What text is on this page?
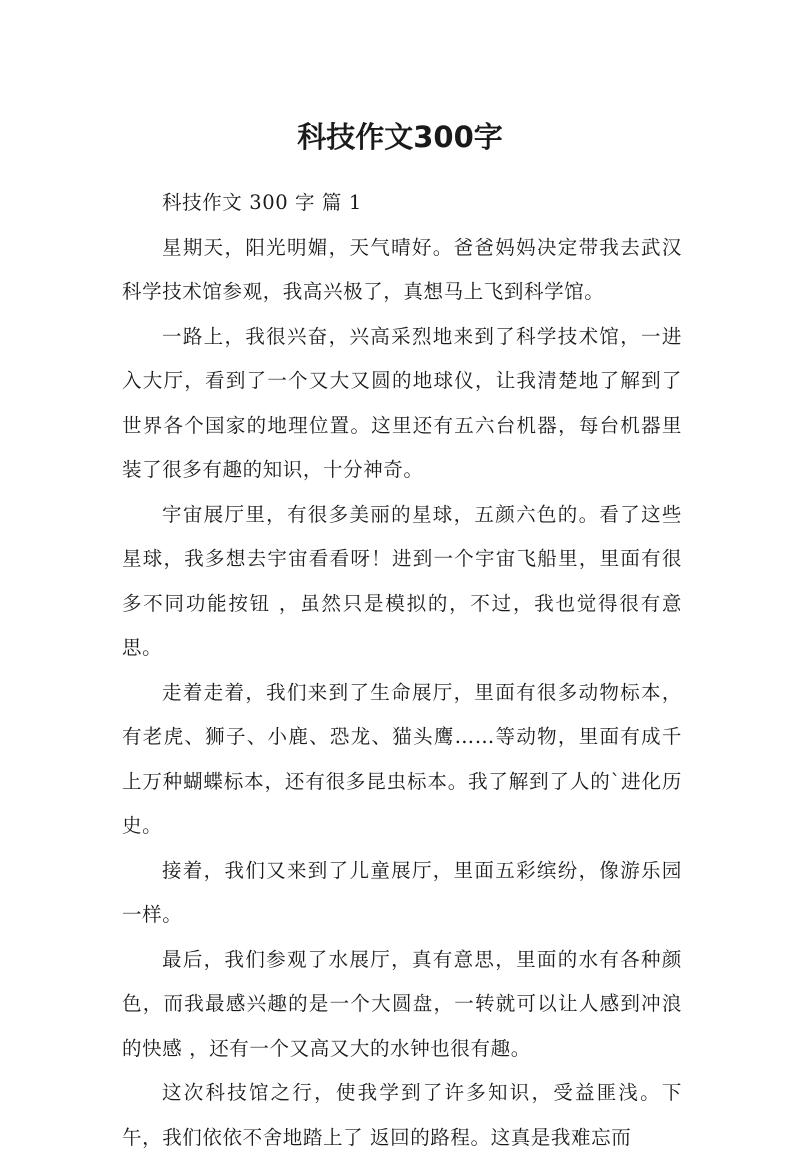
科技作文300字

科技作文 300 字 篇 1

星期天，阳光明媚，天气晴好。爸爸妈妈决定带我去武汉科学技术馆参观，我高兴极了，真想马上飞到科学馆。

一路上，我很兴奋，兴高采烈地来到了科学技术馆，一进入大厅，看到了一个又大又圆的地球仪，让我清楚地了解到了世界各个国家的地理位置。这里还有五六台机器，每台机器里装了很多有趣的知识，十分神奇。

宇宙展厅里，有很多美丽的星球，五颜六色的。看了这些星球，我多想去宇宙看看呀！进到一个宇宙飞船里，里面有很多不同功能按钮 ，虽然只是模拟的，不过，我也觉得很有意思。

走着走着，我们来到了生命展厅，里面有很多动物标本，有老虎、狮子、小鹿、恐龙、猫头鹰……等动物，里面有成千上万种蝴蝶标本，还有很多昆虫标本。我了解到了人的`进化历史。

接着，我们又来到了儿童展厅，里面五彩缤纷，像游乐园一样。

最后，我们参观了水展厅，真有意思，里面的水有各种颜色，而我最感兴趣的是一个大圆盘，一转就可以让人感到冲浪的快感 ，还有一个又高又大的水钟也很有趣。

这次科技馆之行，使我学到了许多知识，受益匪浅。下午，我们依依不舍地踏上了 返回的路程。这真是我难忘而
